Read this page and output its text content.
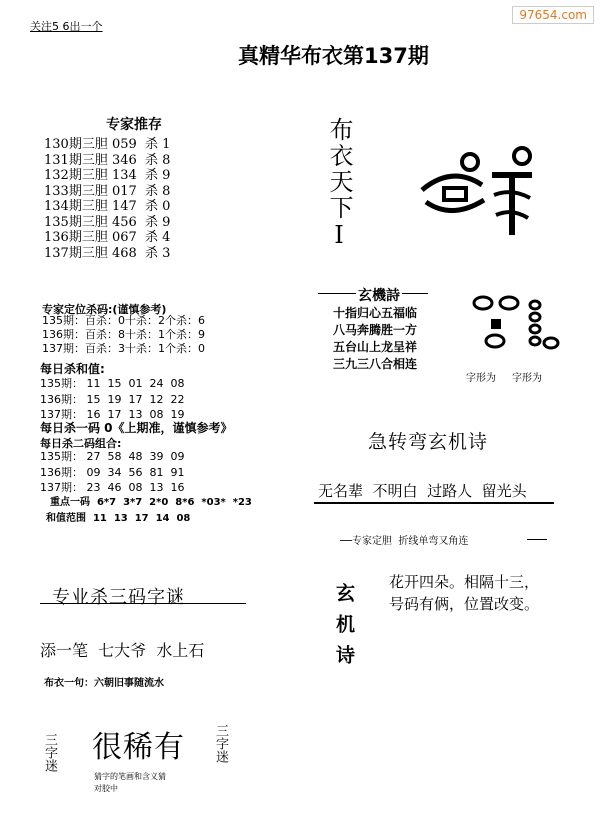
97654.com
关注5 6出一个
真精华布衣第137期
专家推存
130期三胆 059  杀 1
131期三胆 346  杀 8
132期三胆 134  杀 9
133期三胆 017  杀 8
134期三胆 147  杀 0
135期三胆 456  杀 9
136期三胆 067  杀 4
137期三胆 468  杀 3
专家定位杀码:(谨慎参考)
135期：百杀：0十杀：2个杀：6
136期：百杀：8十杀：1个杀：9
137期：百杀：3十杀：1个杀：0
每日杀和值:
135期： 11  15  01  24  08
136期： 15  19  17  12  22
137期： 16  17  13  08  19
每日杀一码 0《上期准，谨慎参考》
每日杀二码组合:
135期： 27  58  48  39  09
136期： 09  34  56  81  91
137期： 23  46  08  13  16
重点一码  6*7  3*7  2*0  8*6  *03*  *23
和值范围  11  13  17  14  08
布衣天下I
玄機詩
十指归心五福临
八马奔腾胜一方
五台山上龙呈祥
三九三八合相连
字形为 字形为
急转弯玄机诗
无名辈  不明白  过路人  留光头
──专家定胆  折线单弯又角连
玄机诗
花开四朵。相隔十三，
号码有俩，位置改变。
专业杀三码字谜
添一笔  七大爷  水上石
布衣一句：六朝旧事随流水
三字迷 很稀有 三字迷
猜字的笔画和含义猜
对胶中
